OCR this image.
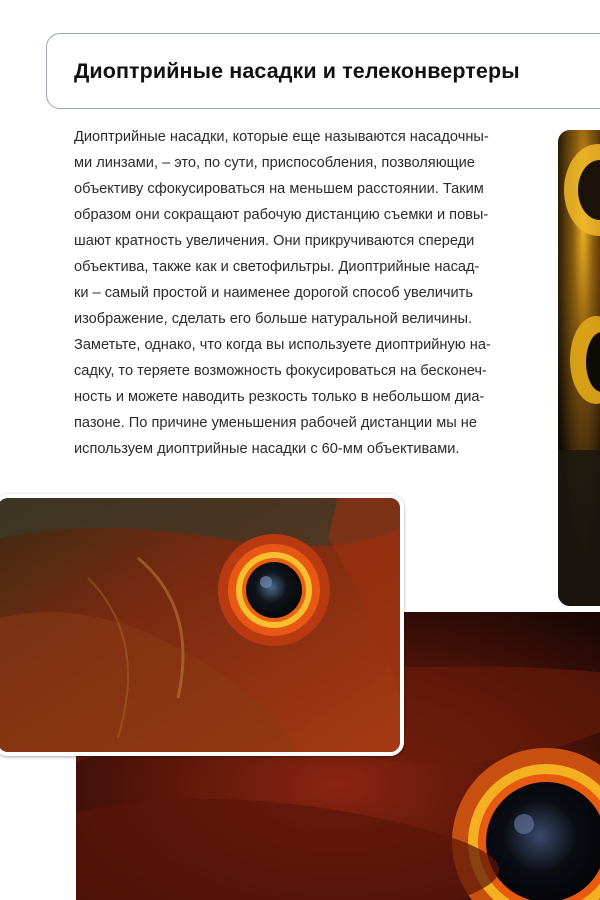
Диоптрийные насадки и телеконвертеры
Диоптрийные насадки, которые еще называются насадочны-
ми линзами, – это, по сути, приспособления, позволяющие
объективу сфокусироваться на меньшем расстоянии. Таким
образом они сокращают рабочую дистанцию съемки и повы-
шают кратность увеличения. Они прикручиваются спереди
объектива, также как и светофильтры. Диоптрийные насад-
ки – самый простой и наименее дорогой способ увеличить
изображение, сделать его больше натуральной величины.
Заметьте, однако, что когда вы используете диоптрийную на-
садку, то теряете возможность фокусироваться на бесконеч-
ность и можете наводить резкость только в небольшом диа-
пазоне. По причине уменьшения рабочей дистанции мы не
используем диоптрийные насадки с 60-мм объективами.
